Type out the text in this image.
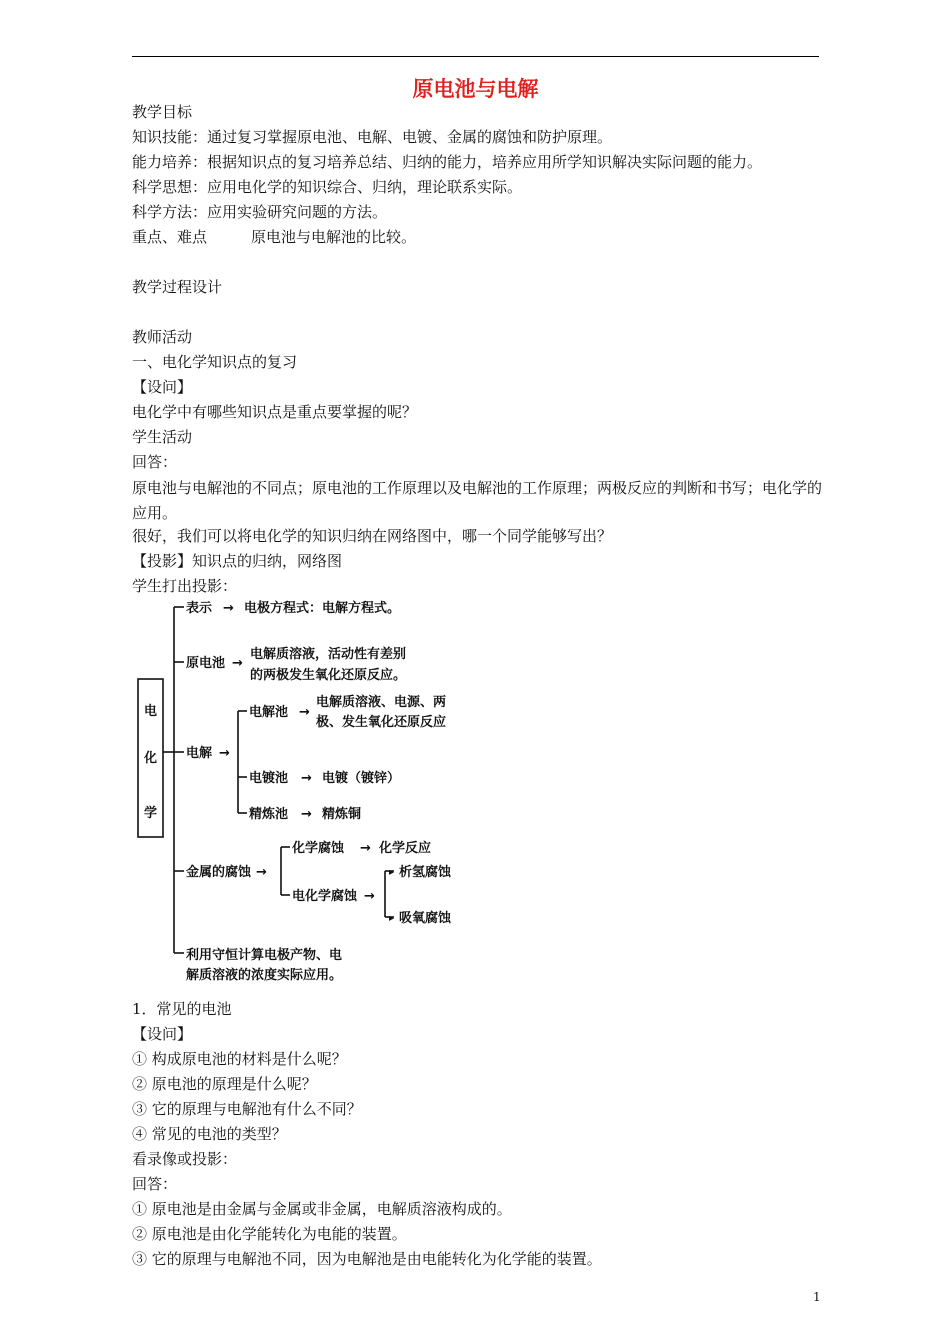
原电池与电解
教学目标
知识技能：通过复习掌握原电池、电解、电镀、金属的腐蚀和防护原理。
能力培养：根据知识点的复习培养总结、归纳的能力，培养应用所学知识解决实际问题的能力。
科学思想：应用电化学的知识综合、归纳，理论联系实际。
科学方法：应用实验研究问题的方法。
重点、难点	原电池与电解池的比较。
教学过程设计
教师活动
一、电化学知识点的复习
【设问】
电化学中有哪些知识点是重点要掌握的呢？
学生活动
回答：
原电池与电解池的不同点；原电池的工作原理以及电解池的工作原理；两极反应的判断和书写；电化学的应用。
很好，我们可以将电化学的知识归纳在网络图中，哪一个同学能够写出？
【投影】知识点的归纳，网络图
学生打出投影：
电
化
学
表示 → 电极方程式：电解方程式。
原电池 →
电解质溶液，活动性有差别
的两极发生氧化还原反应。
电解 →
电解池 →
电解质溶液、电源、两
极、发生氧化还原反应
电镀池 → 电镀（镀锌）
精炼池 → 精炼铜
金属的腐蚀 →
化学腐蚀 → 化学反应
电化学腐蚀 →
▸
▸
析氢腐蚀
吸氧腐蚀
利用守恒计算电极产物、电
解质溶液的浓度实际应用。
1．常见的电池
【设问】
① 构成原电池的材料是什么呢？
② 原电池的原理是什么呢？
③ 它的原理与电解池有什么不同？
④ 常见的电池的类型？
看录像或投影：
回答：
① 原电池是由金属与金属或非金属，电解质溶液构成的。
② 原电池是由化学能转化为电能的装置。
③ 它的原理与电解池不同，因为电解池是由电能转化为化学能的装置。
1
